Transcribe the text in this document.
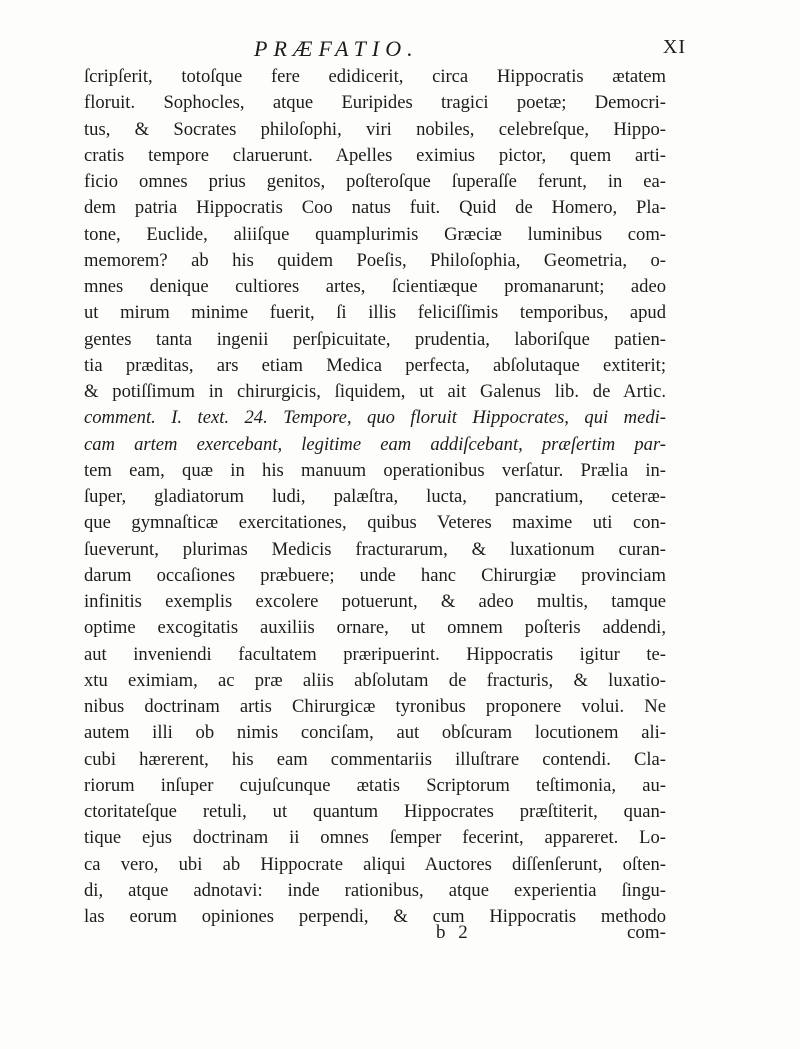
PRÆFATIO.	XI
ſcripſerit, totoſque fere edidicerit, circa Hippocratis ætatem
floruit. Sophocles, atque Euripides tragici poetæ; Democri-
tus, & Socrates philoſophi, viri nobiles, celebreſque, Hippo-
cratis tempore claruerunt. Apelles eximius pictor, quem arti-
ficio omnes prius genitos, poſteroſque ſuperaſſe ferunt, in ea-
dem patria Hippocratis Coo natus fuit. Quid de Homero, Pla-
tone, Euclide, aliiſque quamplurimis Græciæ luminibus com-
memorem? ab his quidem Poeſis, Philoſophia, Geometria, o-
mnes denique cultiores artes, ſcientiæque promanarunt; adeo
ut mirum minime fuerit, ſi illis feliciſſimis temporibus, apud
gentes tanta ingenii perſpicuitate, prudentia, laboriſque patien-
tia præditas, ars etiam Medica perfecta, abſolutaque extiterit;
& potiſſimum in chirurgicis, ſiquidem, ut ait Galenus lib. de Artic.
comment. I. text. 24. Tempore, quo floruit Hippocrates, qui medi-
cam artem exercebant, legitime eam addiſcebant, præſertim par-
tem eam, quæ in his manuum operationibus verſatur. Prælia in-
ſuper, gladiatorum ludi, palæſtra, lucta, pancratium, ceteræ-
que gymnaſticæ exercitationes, quibus Veteres maxime uti con-
ſueverunt, plurimas Medicis fracturarum, & luxationum curan-
darum occaſiones præbuere; unde hanc Chirurgiæ provinciam
infinitis exemplis excolere potuerunt, & adeo multis, tamque
optime excogitatis auxiliis ornare, ut omnem poſteris addendi,
aut inveniendi facultatem præripuerint. Hippocratis igitur te-
xtu eximiam, ac præ aliis abſolutam de fracturis, & luxatio-
nibus doctrinam artis Chirurgicæ tyronibus proponere volui. Ne
autem illi ob nimis conciſam, aut obſcuram locutionem ali-
cubi hærerent, his eam commentariis illuſtrare contendi. Cla-
riorum inſuper cujuſcunque ætatis Scriptorum teſtimonia, au-
ctoritateſque retuli, ut quantum Hippocrates præſtiterit, quan-
tique ejus doctrinam ii omnes ſemper fecerint, appareret. Lo-
ca vero, ubi ab Hippocrate aliqui Auctores diſſenſerunt, oſten-
di, atque adnotavi: inde rationibus, atque experientia ſingu-
las eorum opiniones perpendi, & cum Hippocratis methodo
b 2	com-
